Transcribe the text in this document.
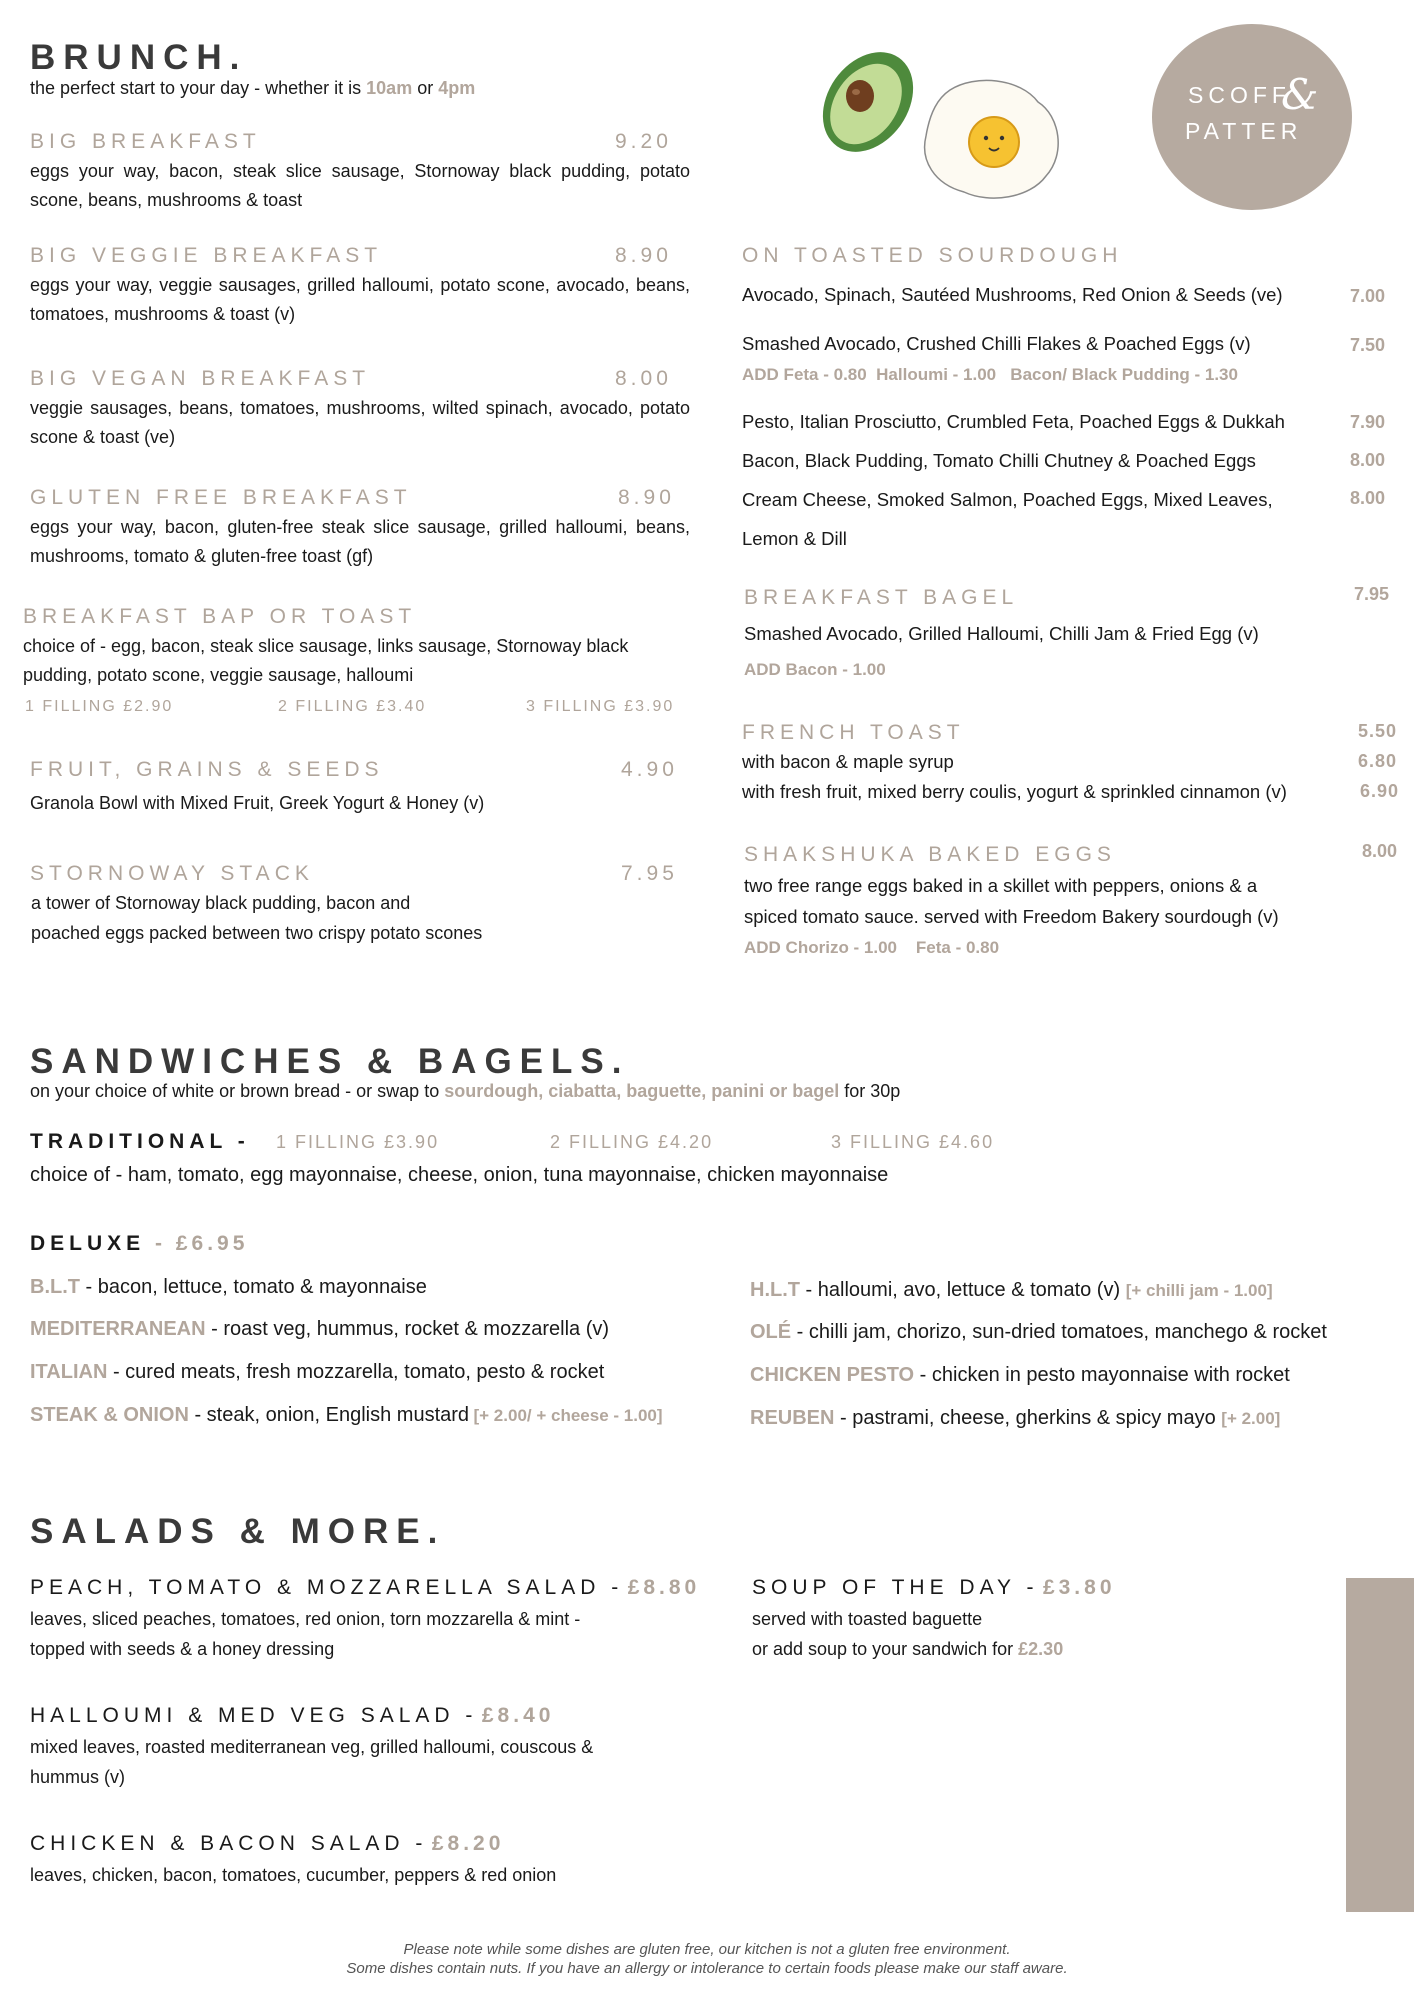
BRUNCH.
the perfect start to your day - whether it is 10am or 4pm
BIG BREAKFAST	9.20
eggs your way, bacon, steak slice sausage, Stornoway black pudding, potato scone, beans, mushrooms & toast
BIG VEGGIE BREAKFAST	8.90
eggs your way, veggie sausages, grilled halloumi, potato scone, avocado, beans, tomatoes, mushrooms & toast (v)
BIG VEGAN BREAKFAST	8.00
veggie sausages, beans, tomatoes, mushrooms, wilted spinach, avocado, potato scone & toast (ve)
GLUTEN FREE BREAKFAST	8.90
eggs your way, bacon, gluten-free steak slice sausage, grilled halloumi, beans, mushrooms, tomato & gluten-free toast (gf)
BREAKFAST BAP OR TOAST
choice of - egg, bacon, steak slice sausage, links sausage, Stornoway black pudding, potato scone, veggie sausage, halloumi
1 FILLING £2.90	2 FILLING £3.40	3 FILLING £3.90
FRUIT, GRAINS & SEEDS	4.90
Granola Bowl with Mixed Fruit, Greek Yogurt & Honey (v)
STORNOWAY STACK	7.95
a tower of Stornoway black pudding, bacon and
poached eggs packed between two crispy potato scones
SCOFF
&
PATTER
ON TOASTED SOURDOUGH
Avocado, Spinach, Sautéed Mushrooms, Red Onion & Seeds (ve)	7.00
Smashed Avocado, Crushed Chilli Flakes & Poached Eggs (v)	7.50
ADD Feta - 0.80  Halloumi - 1.00   Bacon/ Black Pudding - 1.30
Pesto, Italian Prosciutto, Crumbled Feta, Poached Eggs & Dukkah	7.90
Bacon, Black Pudding, Tomato Chilli Chutney & Poached Eggs	8.00
Cream Cheese, Smoked Salmon, Poached Eggs, Mixed Leaves,	8.00
Lemon & Dill
BREAKFAST BAGEL	7.95
Smashed Avocado, Grilled Halloumi, Chilli Jam & Fried Egg (v)
ADD Bacon - 1.00
FRENCH TOAST	5.50
with bacon & maple syrup	6.80
with fresh fruit, mixed berry coulis, yogurt & sprinkled cinnamon (v)	6.90
SHAKSHUKA BAKED EGGS	8.00
two free range eggs baked in a skillet with peppers, onions & a
spiced tomato sauce. served with Freedom Bakery sourdough (v)
ADD Chorizo - 1.00    Feta - 0.80
SANDWICHES & BAGELS.
on your choice of white or brown bread - or swap to sourdough, ciabatta, baguette, panini or bagel for 30p
TRADITIONAL - 1 FILLING £3.90	2 FILLING £4.20	3 FILLING £4.60
choice of - ham, tomato, egg mayonnaise, cheese, onion, tuna mayonnaise, chicken mayonnaise
DELUXE - £6.95
B.L.T - bacon, lettuce, tomato & mayonnaise
MEDITERRANEAN - roast veg, hummus, rocket & mozzarella (v)
ITALIAN - cured meats, fresh mozzarella, tomato, pesto & rocket
STEAK & ONION - steak, onion, English mustard [+ 2.00/ + cheese - 1.00]
H.L.T - halloumi, avo, lettuce & tomato (v) [+ chilli jam - 1.00]
OLÉ - chilli jam, chorizo, sun-dried tomatoes, manchego & rocket
CHICKEN PESTO - chicken in pesto mayonnaise with rocket
REUBEN - pastrami, cheese, gherkins & spicy mayo [+ 2.00]
SALADS & MORE.
PEACH, TOMATO & MOZZARELLA SALAD - £8.80
leaves, sliced peaches, tomatoes, red onion, torn mozzarella & mint -
topped with seeds & a honey dressing
HALLOUMI & MED VEG SALAD - £8.40
mixed leaves, roasted mediterranean veg, grilled halloumi, couscous &
hummus (v)
CHICKEN & BACON SALAD - £8.20
leaves, chicken, bacon, tomatoes, cucumber, peppers & red onion
SOUP OF THE DAY - £3.80
served with toasted baguette
or add soup to your sandwich for £2.30
Please note while some dishes are gluten free, our kitchen is not a gluten free environment.
Some dishes contain nuts. If you have an allergy or intolerance to certain foods please make our staff aware.
